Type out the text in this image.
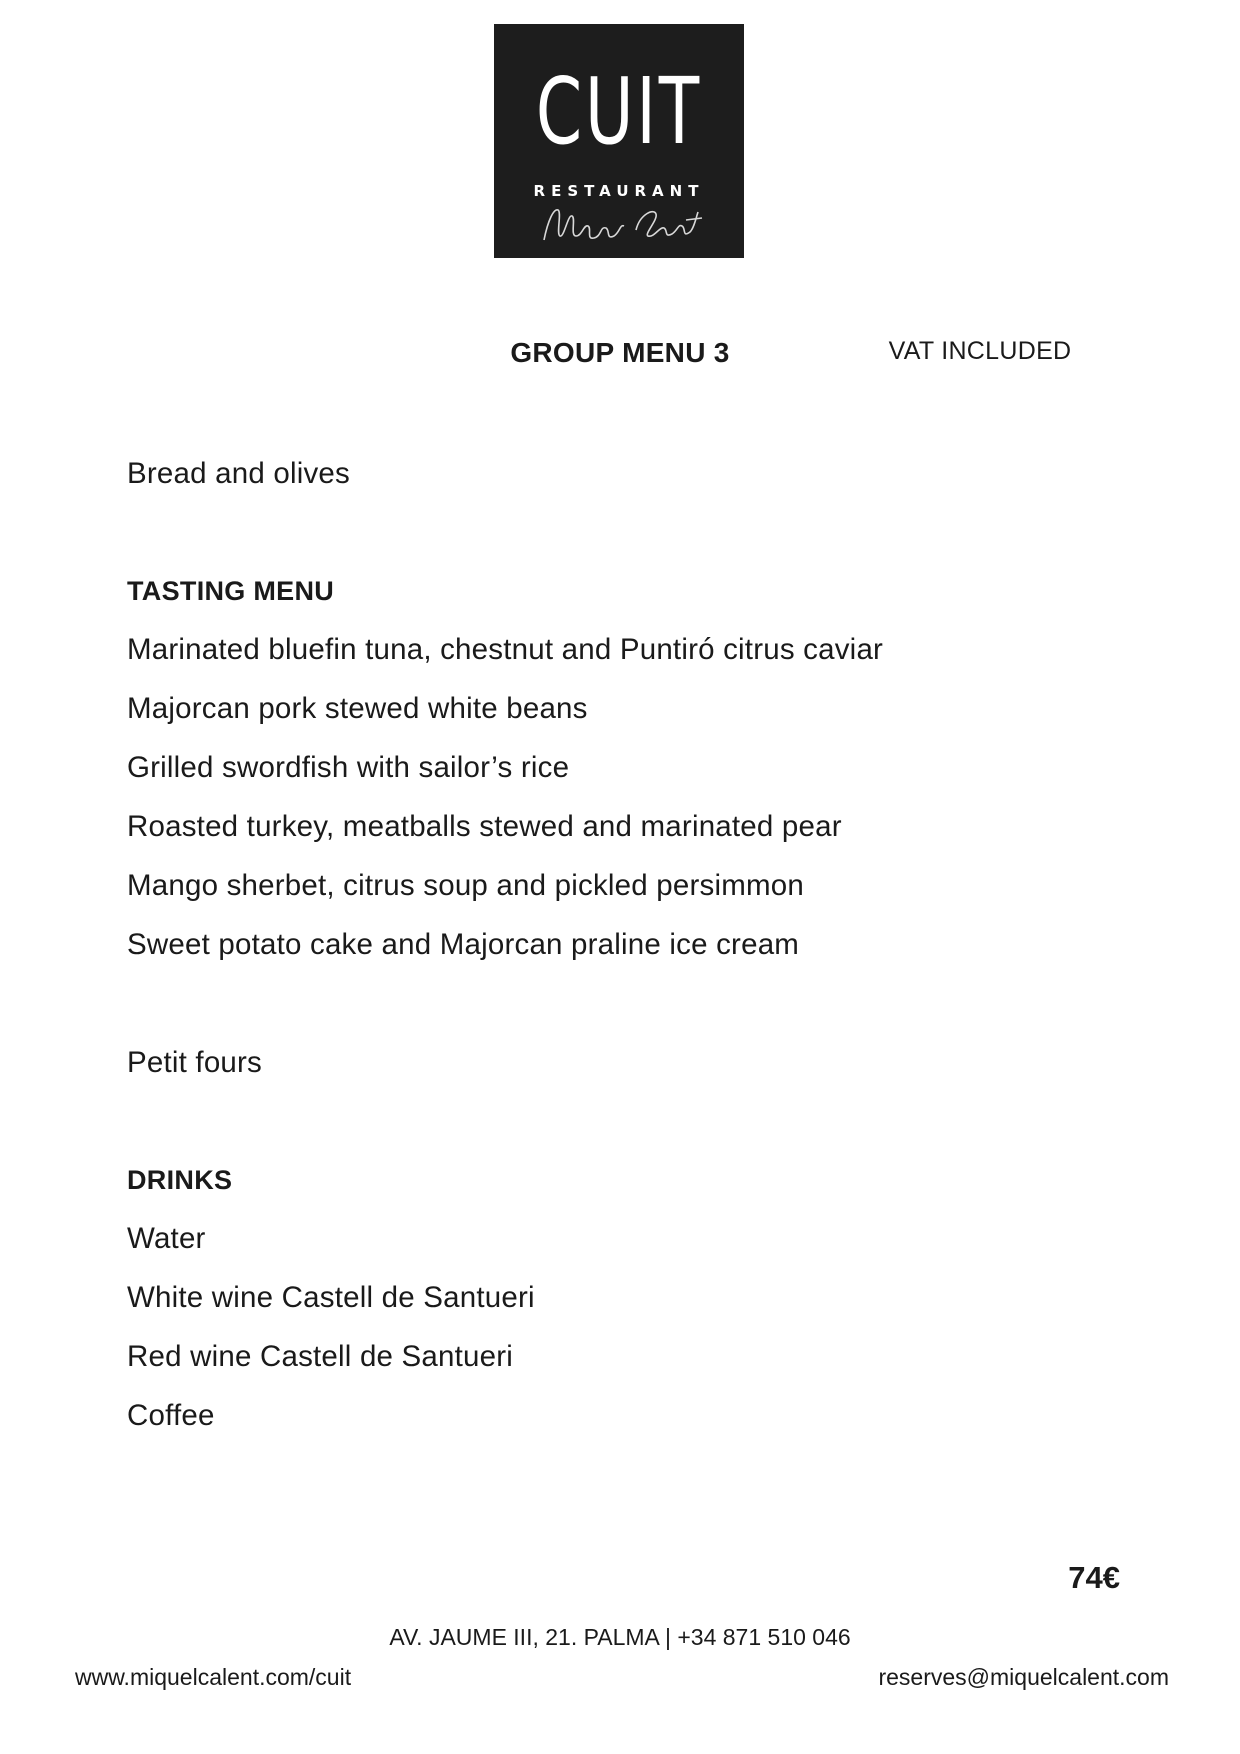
CUIT
RESTAURANT
GROUP MENU 3	VAT INCLUDED
Bread and olives
TASTING MENU
Marinated bluefin tuna, chestnut and Puntiró citrus caviar
Majorcan pork stewed white beans
Grilled swordfish with sailor’s rice
Roasted turkey, meatballs stewed and marinated pear
Mango sherbet, citrus soup and pickled persimmon
Sweet potato cake and Majorcan praline ice cream
Petit fours
DRINKS
Water
White wine Castell de Santueri
Red wine Castell de Santueri
Coffee
74€
AV. JAUME III, 21. PALMA | +34 871 510 046
www.miquelcalent.com/cuit	reserves@miquelcalent.com
